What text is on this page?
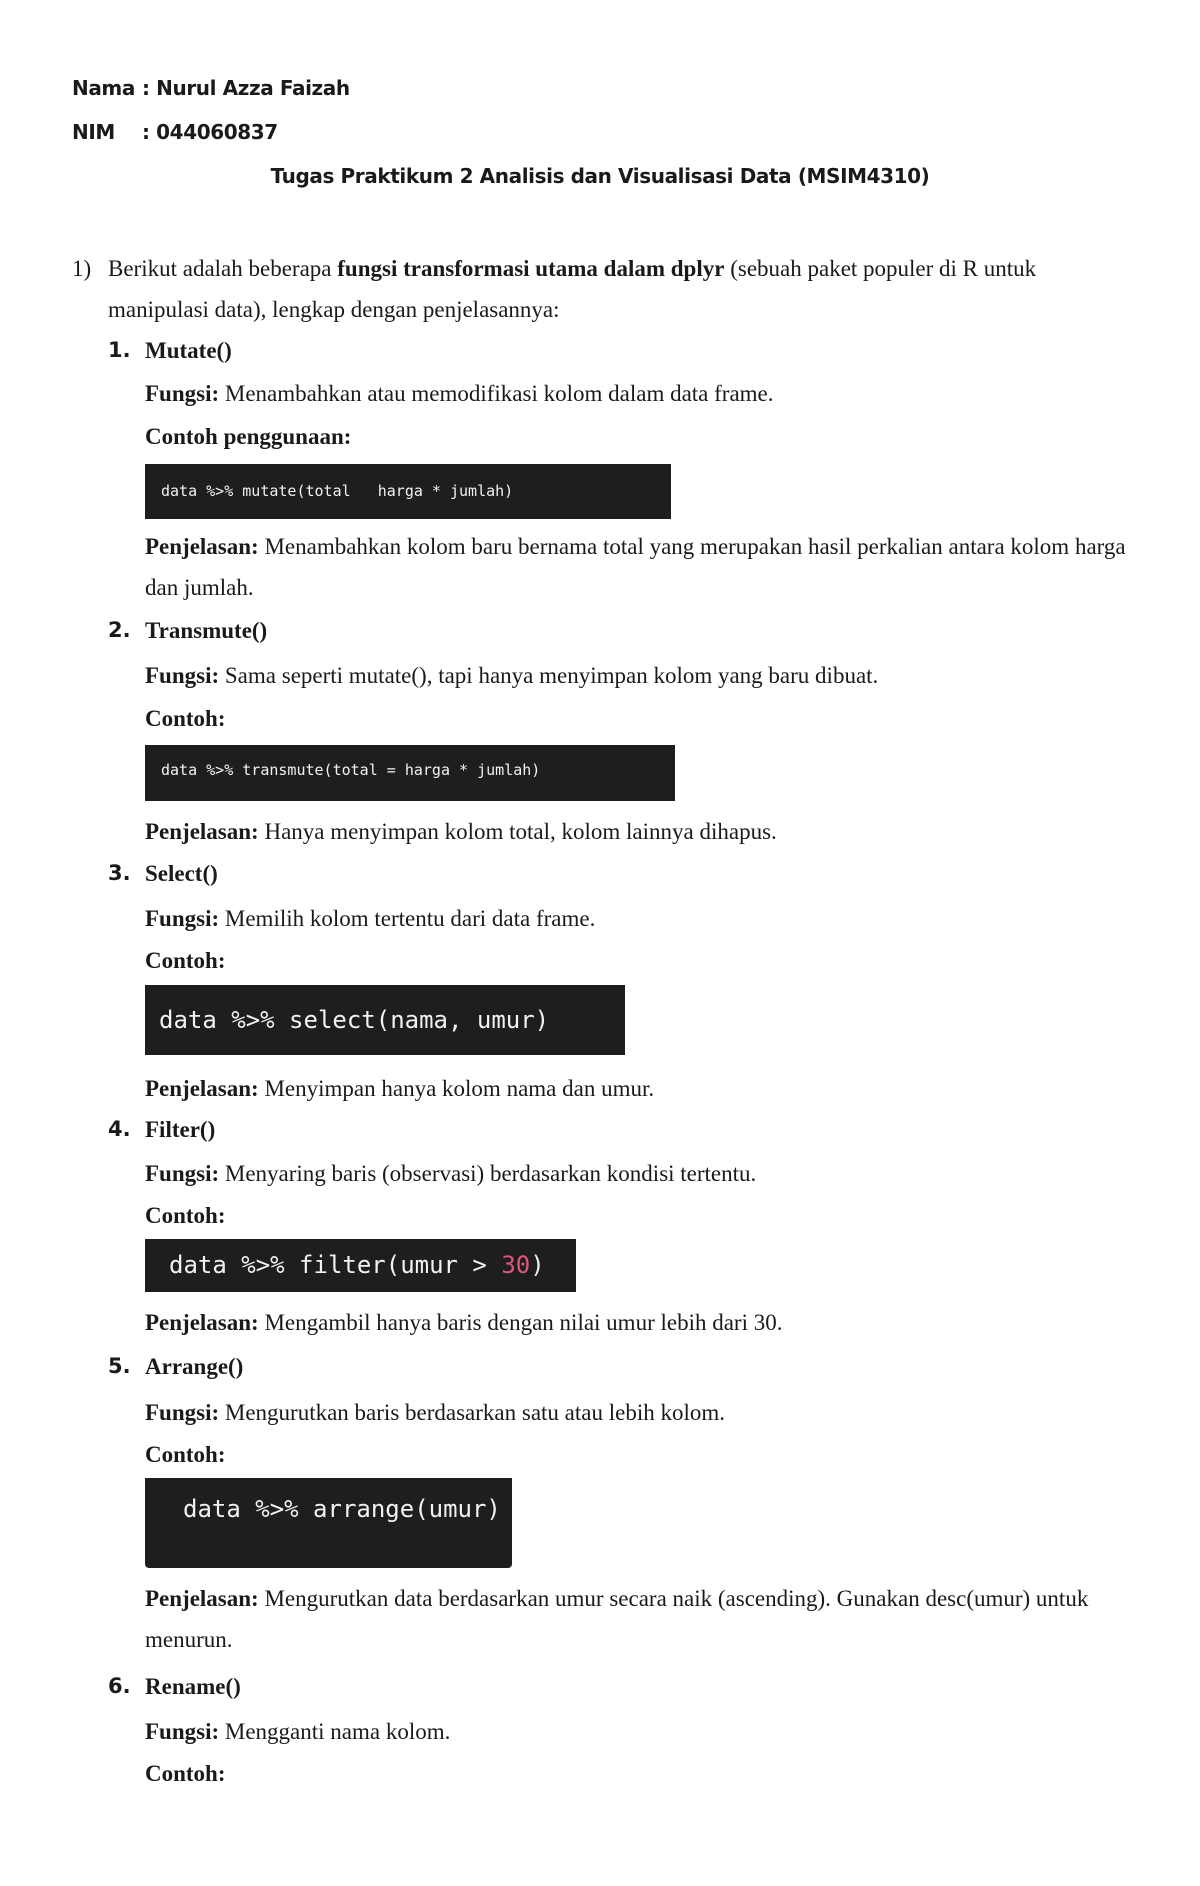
Nama : Nurul Azza Faizah
NIM : 044060837
Tugas Praktikum 2 Analisis dan Visualisasi Data (MSIM4310)
1) Berikut adalah beberapa fungsi transformasi utama dalam dplyr (sebuah paket populer di R untuk manipulasi data), lengkap dengan penjelasannya:
1. Mutate()
Fungsi: Menambahkan atau memodifikasi kolom dalam data frame.
Contoh penggunaan:
data %>% mutate(total   harga * jumlah)
Penjelasan: Menambahkan kolom baru bernama total yang merupakan hasil perkalian antara kolom harga dan jumlah.
2. Transmute()
Fungsi: Sama seperti mutate(), tapi hanya menyimpan kolom yang baru dibuat.
Contoh:
data %>% transmute(total = harga * jumlah)
Penjelasan: Hanya menyimpan kolom total, kolom lainnya dihapus.
3. Select()
Fungsi: Memilih kolom tertentu dari data frame.
Contoh:
data %>% select(nama, umur)
Penjelasan: Menyimpan hanya kolom nama dan umur.
4. Filter()
Fungsi: Menyaring baris (observasi) berdasarkan kondisi tertentu.
Contoh:
data %>% filter(umur > 30)
Penjelasan: Mengambil hanya baris dengan nilai umur lebih dari 30.
5. Arrange()
Fungsi: Mengurutkan baris berdasarkan satu atau lebih kolom.
Contoh:
data %>% arrange(umur)
Penjelasan: Mengurutkan data berdasarkan umur secara naik (ascending). Gunakan desc(umur) untuk menurun.
6. Rename()
Fungsi: Mengganti nama kolom.
Contoh:
